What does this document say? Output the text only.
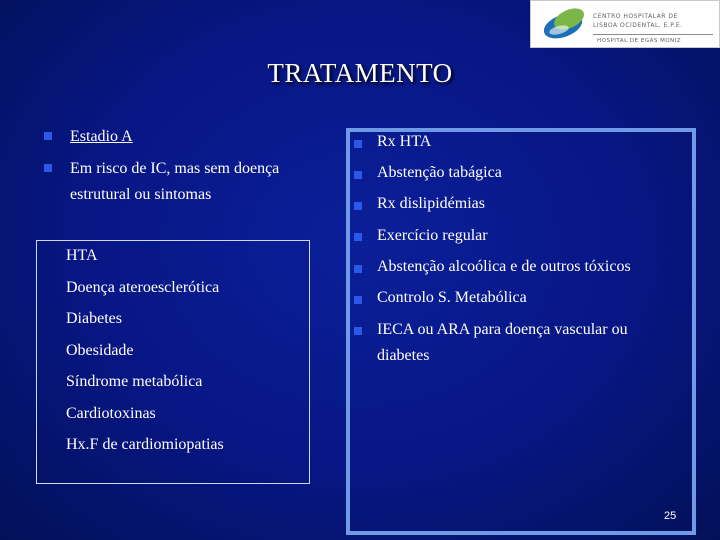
CENTRO HOSPITALAR DE
LISBOA OCIDENTAL, E.P.E.
HOSPITAL DE EGAS MONIZ
TRATAMENTO
Estadio A
Em risco de IC, mas sem doença
estrutural ou sintomas
HTA
Doença ateroesclerótica
Diabetes
Obesidade
Síndrome metabólica
Cardiotoxinas
Hx.F de cardiomiopatias
Rx HTA
Abstenção tabágica
Rx dislipidémias
Exercício regular
Abstenção alcoólica e de outros tóxicos
Controlo S. Metabólica
IECA ou ARA para doença vascular ou
diabetes
25
